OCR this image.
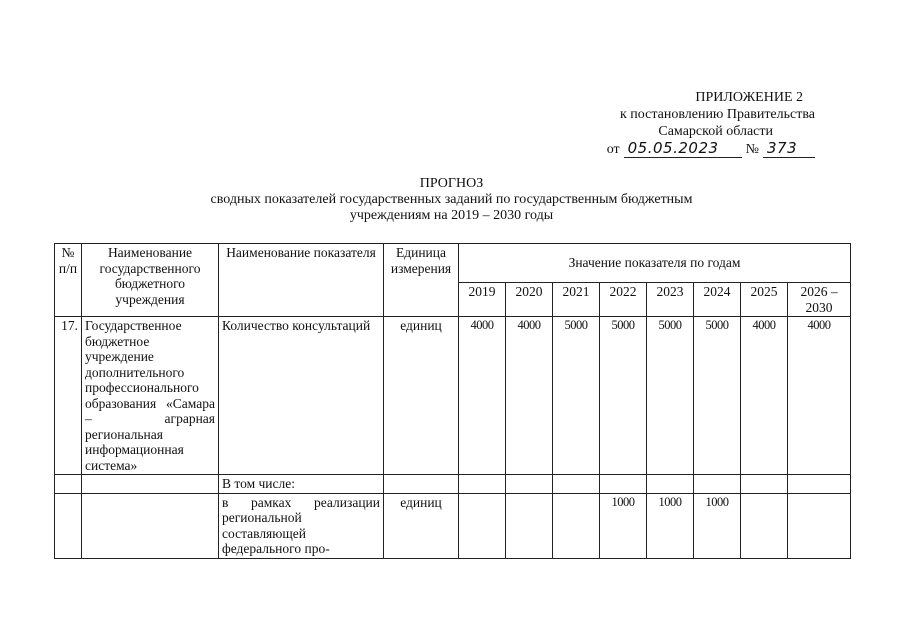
ПРИЛОЖЕНИЕ 2
к постановлению Правительства
Самарской области
от 05.05.2023	№ 373
ПРОГНОЗ
сводных показателей государственных заданий по государственным бюджетным
учреждениям на 2019 – 2030 годы
№ п/п	Наименование государственного бюджетного учреждения	Наименование показателя	Единица измерения	Значение показателя по годам							
				2019	2020	2021	2022	2023	2024	2025	2026 – 2030
17.	Государственное бюджетное учреждение дополнительного профессионального образования «Самара – аграрная региональная информационная система»	Количество консультаций	единиц	4000	4000	5000	5000	5000	5000	4000	4000
		В том числе:									
		в рамках реализации региональной составляющей федерального про-	единиц				1000	1000	1000		
